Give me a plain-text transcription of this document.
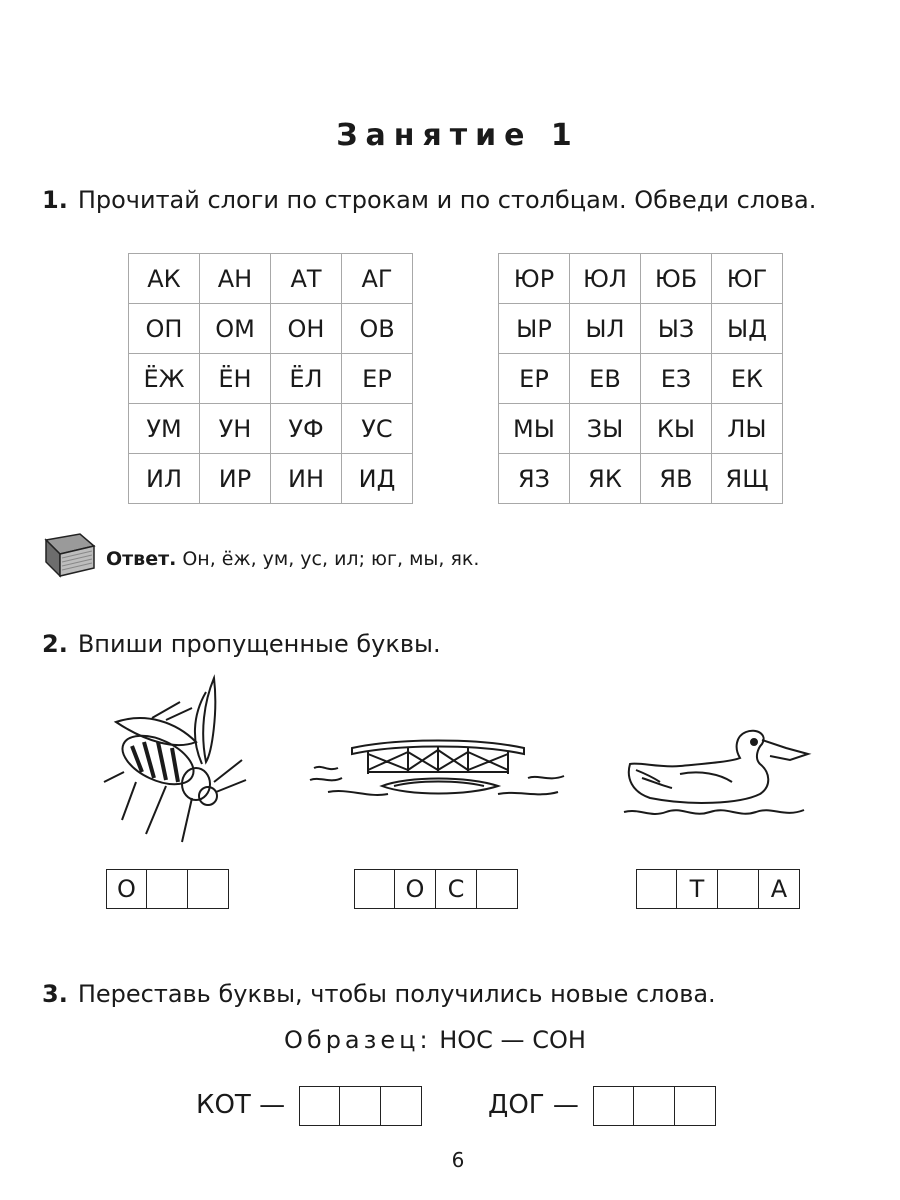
Занятие 1
1. Прочитай слоги по строкам и по столбцам. Обведи слова.
АК	АН	АТ	АГ
ОП	ОМ	ОН	ОВ
ЁЖ	ЁН	ЁЛ	ЕР
УМ	УН	УФ	УС
ИЛ	ИР	ИН	ИД
ЮР	ЮЛ	ЮБ	ЮГ
ЫР	ЫЛ	ЫЗ	ЫД
ЕР	ЕВ	ЕЗ	ЕК
МЫ	ЗЫ	КЫ	ЛЫ
ЯЗ	ЯК	ЯВ	ЯЩ
Ответ. Он, ёж, ум, ус, ил; юг, мы, як.
2. Впиши пропущенные буквы.
О	О С	Т	А
3. Переставь буквы, чтобы получились новые слова.
Образец: НОС — СОН
КОТ —	ДОГ —
6
